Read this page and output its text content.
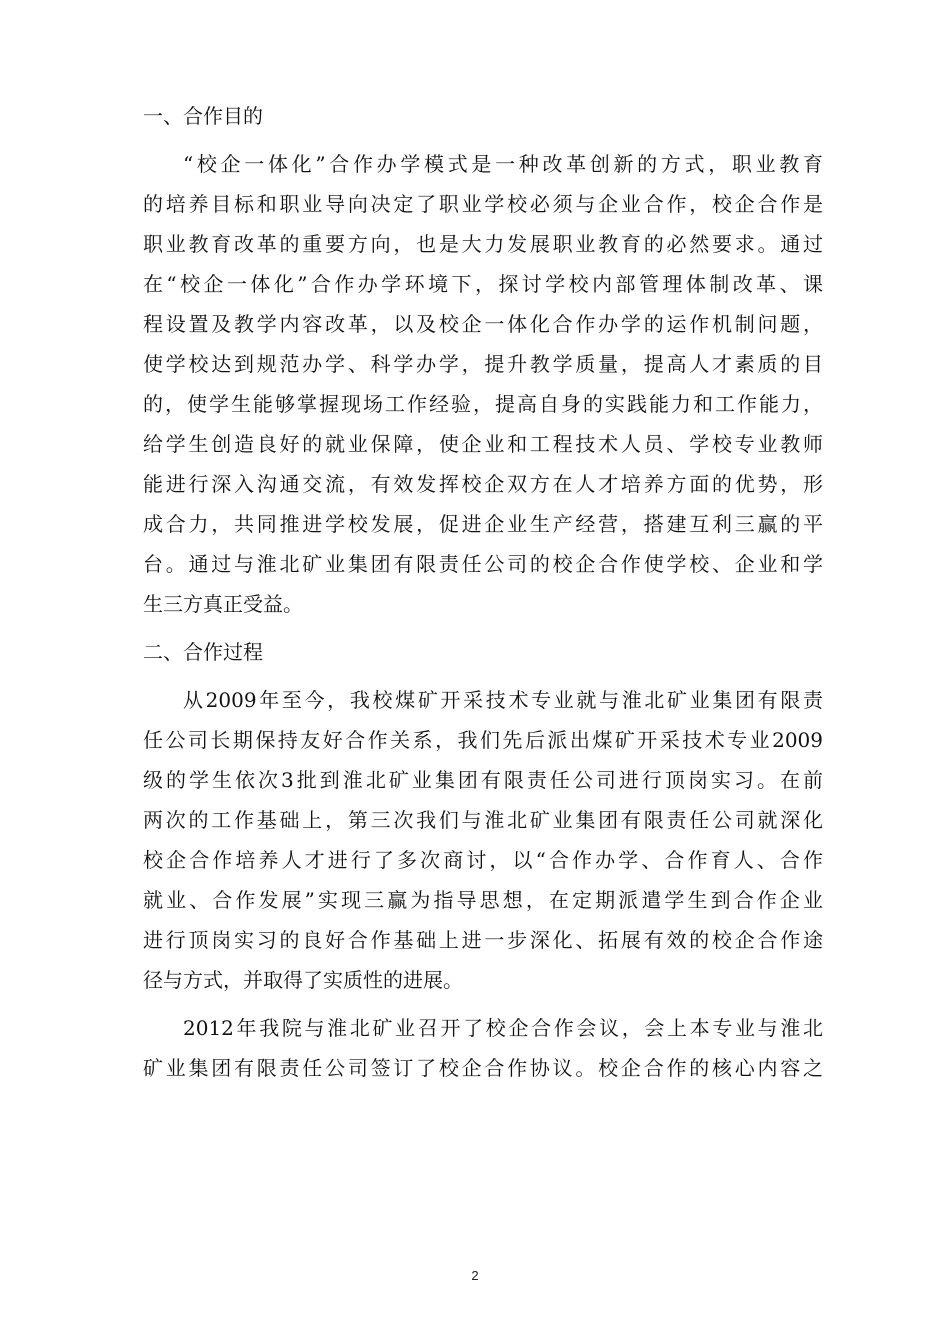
一、合作目的
“校企一体化”合作办学模式是一种改革创新的方式，职业教育
的培养目标和职业导向决定了职业学校必须与企业合作，校企合作是
职业教育改革的重要方向，也是大力发展职业教育的必然要求。通过
在“校企一体化”合作办学环境下，探讨学校内部管理体制改革、课
程设置及教学内容改革，以及校企一体化合作办学的运作机制问题，
使学校达到规范办学、科学办学，提升教学质量，提高人才素质的目
的，使学生能够掌握现场工作经验，提高自身的实践能力和工作能力，
给学生创造良好的就业保障，使企业和工程技术人员、学校专业教师
能进行深入沟通交流，有效发挥校企双方在人才培养方面的优势，形
成合力，共同推进学校发展，促进企业生产经营，搭建互利三赢的平
台。通过与淮北矿业集团有限责任公司的校企合作使学校、企业和学
生三方真正受益。
二、合作过程
从2009年至今，我校煤矿开采技术专业就与淮北矿业集团有限责
任公司长期保持友好合作关系，我们先后派出煤矿开采技术专业2009
级的学生依次3批到淮北矿业集团有限责任公司进行顶岗实习。在前
两次的工作基础上，第三次我们与淮北矿业集团有限责任公司就深化
校企合作培养人才进行了多次商讨，以“合作办学、合作育人、合作
就业、合作发展”实现三赢为指导思想，在定期派遣学生到合作企业
进行顶岗实习的良好合作基础上进一步深化、拓展有效的校企合作途
径与方式，并取得了实质性的进展。
2012年我院与淮北矿业召开了校企合作会议，会上本专业与淮北
矿业集团有限责任公司签订了校企合作协议。校企合作的核心内容之
2
